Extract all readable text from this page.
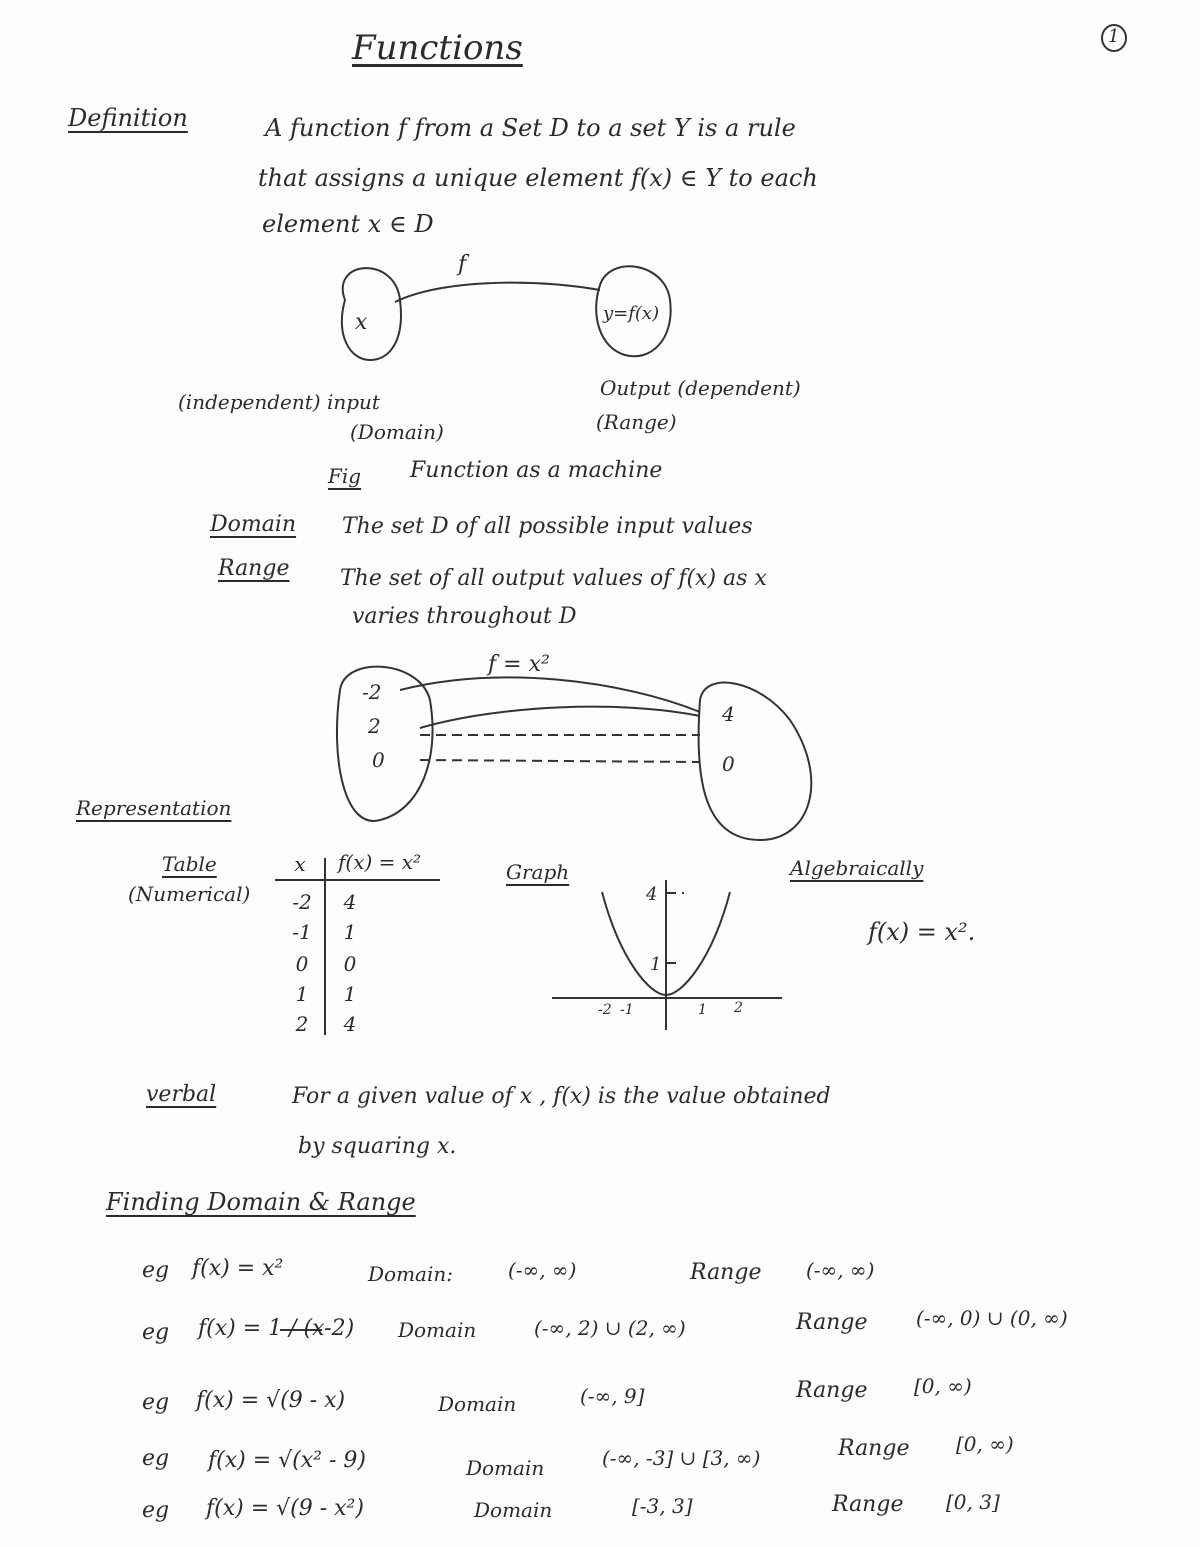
Functions	1
Definition	A function f from a Set D to a set Y is a rule
that assigns a unique element f(x) ∈ Y to each
element x ∈ D
f
x	y=f(x)
(independent) input
(Domain)
Output (dependent)
(Range)
Fig Function as a machine
Domain The set D of all possible input values
Range The set of all output values of f(x) as x
varies throughout D
f = x²
-2
2
0
4
0
Representation
Table
(Numerical)
x	f(x) = x²
-2	4
-1	1
0	0
1	1
2	4
Graph
4
1
-2 -1	1 2
Algebraically
f(x) = x².
verbal	For a given value of x , f(x) is the value obtained
by squaring x.
Finding Domain & Range
eg f(x) = x²	Domain:	(-∞, ∞)	Range (-∞, ∞)
eg f(x) = 1 / (x-2) Domain	(-∞, 2) ∪ (2, ∞)	Range (-∞, 0) ∪ (0, ∞)
eg f(x) = √(9 - x)	Domain	(-∞, 9]	Range [0, ∞)
eg f(x) = √(x² - 9)	Domain	(-∞, -3] ∪ [3, ∞)	Range [0, ∞)
eg f(x) = √(9 - x²)	Domain	[-3, 3]	Range [0, 3]
